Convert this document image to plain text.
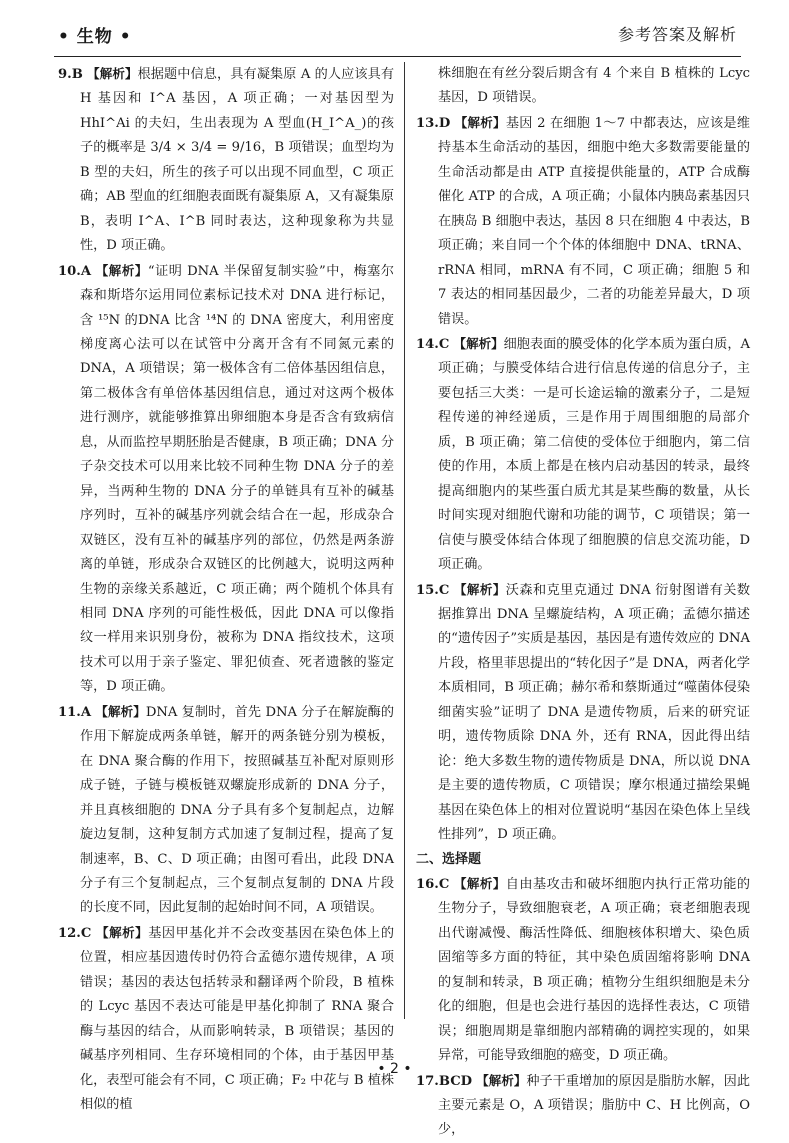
• 生物 •	参考答案及解析

9.B 【解析】根据题中信息，具有凝集原 A 的人应该具有 H 基因和 I^A 基因，A 项正确；一对基因型为 HhI^Ai 的夫妇，生出表现为 A 型血(H_I^A_)的孩子的概率是 3/4 × 3/4 = 9/16，B 项错误；血型均为 B 型的夫妇，所生的孩子可以出现不同血型，C 项正确；AB 型血的红细胞表面既有凝集原 A，又有凝集原 B，表明 I^A、I^B 同时表达，这种现象称为共显性，D 项正确。

10.A 【解析】“证明 DNA 半保留复制实验”中，梅塞尔森和斯塔尔运用同位素标记技术对 DNA 进行标记，含 ¹⁵N 的DNA 比含 ¹⁴N 的 DNA 密度大，利用密度梯度离心法可以在试管中分离开含有不同氮元素的 DNA，A 项错误；第一极体含有二倍体基因组信息，第二极体含有单倍体基因组信息，通过对这两个极体进行测序，就能够推算出卵细胞本身是否含有致病信息，从而监控早期胚胎是否健康，B 项正确；DNA 分子杂交技术可以用来比较不同种生物 DNA 分子的差异，当两种生物的 DNA 分子的单链具有互补的碱基序列时，互补的碱基序列就会结合在一起，形成杂合双链区，没有互补的碱基序列的部位，仍然是两条游离的单链，形成杂合双链区的比例越大，说明这两种生物的亲缘关系越近，C 项正确；两个随机个体具有相同 DNA 序列的可能性极低，因此 DNA 可以像指纹一样用来识别身份，被称为 DNA 指纹技术，这项技术可以用于亲子鉴定、罪犯侦查、死者遗骸的鉴定等，D 项正确。

11.A 【解析】DNA 复制时，首先 DNA 分子在解旋酶的作用下解旋成两条单链，解开的两条链分别为模板，在 DNA 聚合酶的作用下，按照碱基互补配对原则形成子链，子链与模板链双螺旋形成新的 DNA 分子，并且真核细胞的 DNA 分子具有多个复制起点，边解旋边复制，这种复制方式加速了复制过程，提高了复制速率，B、C、D 项正确；由图可看出，此段 DNA 分子有三个复制起点，三个复制点复制的 DNA 片段的长度不同，因此复制的起始时间不同，A 项错误。

12.C 【解析】基因甲基化并不会改变基因在染色体上的位置，相应基因遗传时仍符合孟德尔遗传规律，A 项错误；基因的表达包括转录和翻译两个阶段，B 植株的 Lcyc 基因不表达可能是甲基化抑制了 RNA 聚合酶与基因的结合，从而影响转录，B 项错误；基因的碱基序列相同、生存环境相同的个体，由于基因甲基化，表型可能会有不同，C 项正确；F₂ 中花与 B 植株相似的植

株细胞在有丝分裂后期含有 4 个来自 B 植株的 Lcyc 基因，D 项错误。

13.D 【解析】基因 2 在细胞 1～7 中都表达，应该是维持基本生命活动的基因，细胞中绝大多数需要能量的生命活动都是由 ATP 直接提供能量的，ATP 合成酶催化 ATP 的合成，A 项正确；小鼠体内胰岛素基因只在胰岛 B 细胞中表达，基因 8 只在细胞 4 中表达，B 项正确；来自同一个个体的体细胞中 DNA、tRNA、rRNA 相同，mRNA 有不同，C 项正确；细胞 5 和 7 表达的相同基因最少，二者的功能差异最大，D 项错误。

14.C 【解析】细胞表面的膜受体的化学本质为蛋白质，A 项正确；与膜受体结合进行信息传递的信息分子，主要包括三大类：一是可长途运输的激素分子，二是短程传递的神经递质，三是作用于周围细胞的局部介质，B 项正确；第二信使的受体位于细胞内，第二信使的作用，本质上都是在核内启动基因的转录，最终提高细胞内的某些蛋白质尤其是某些酶的数量，从长时间实现对细胞代谢和功能的调节，C 项错误；第一信使与膜受体结合体现了细胞膜的信息交流功能，D 项正确。

15.C 【解析】沃森和克里克通过 DNA 衍射图谱有关数据推算出 DNA 呈螺旋结构，A 项正确；孟德尔描述的“遗传因子”实质是基因，基因是有遗传效应的 DNA 片段，格里菲思提出的“转化因子”是 DNA，两者化学本质相同，B 项正确；赫尔希和蔡斯通过“噬菌体侵染细菌实验”证明了 DNA 是遗传物质，后来的研究证明，遗传物质除 DNA 外，还有 RNA，因此得出结论：绝大多数生物的遗传物质是 DNA，所以说 DNA 是主要的遗传物质，C 项错误；摩尔根通过描绘果蝇基因在染色体上的相对位置说明“基因在染色体上呈线性排列”，D 项正确。

二、选择题

16.C 【解析】自由基攻击和破坏细胞内执行正常功能的生物分子，导致细胞衰老，A 项正确；衰老细胞表现出代谢减慢、酶活性降低、细胞核体积增大、染色质固缩等多方面的特征，其中染色质固缩将影响 DNA 的复制和转录，B 项正确；植物分生组织细胞是未分化的细胞，但是也会进行基因的选择性表达，C 项错误；细胞周期是靠细胞内部精确的调控实现的，如果异常，可能导致细胞的癌变，D 项正确。

17.BCD 【解析】种子干重增加的原因是脂肪水解，因此主要元素是 O，A 项错误；脂肪中 C、H 比例高，O 少，

• 2 •
